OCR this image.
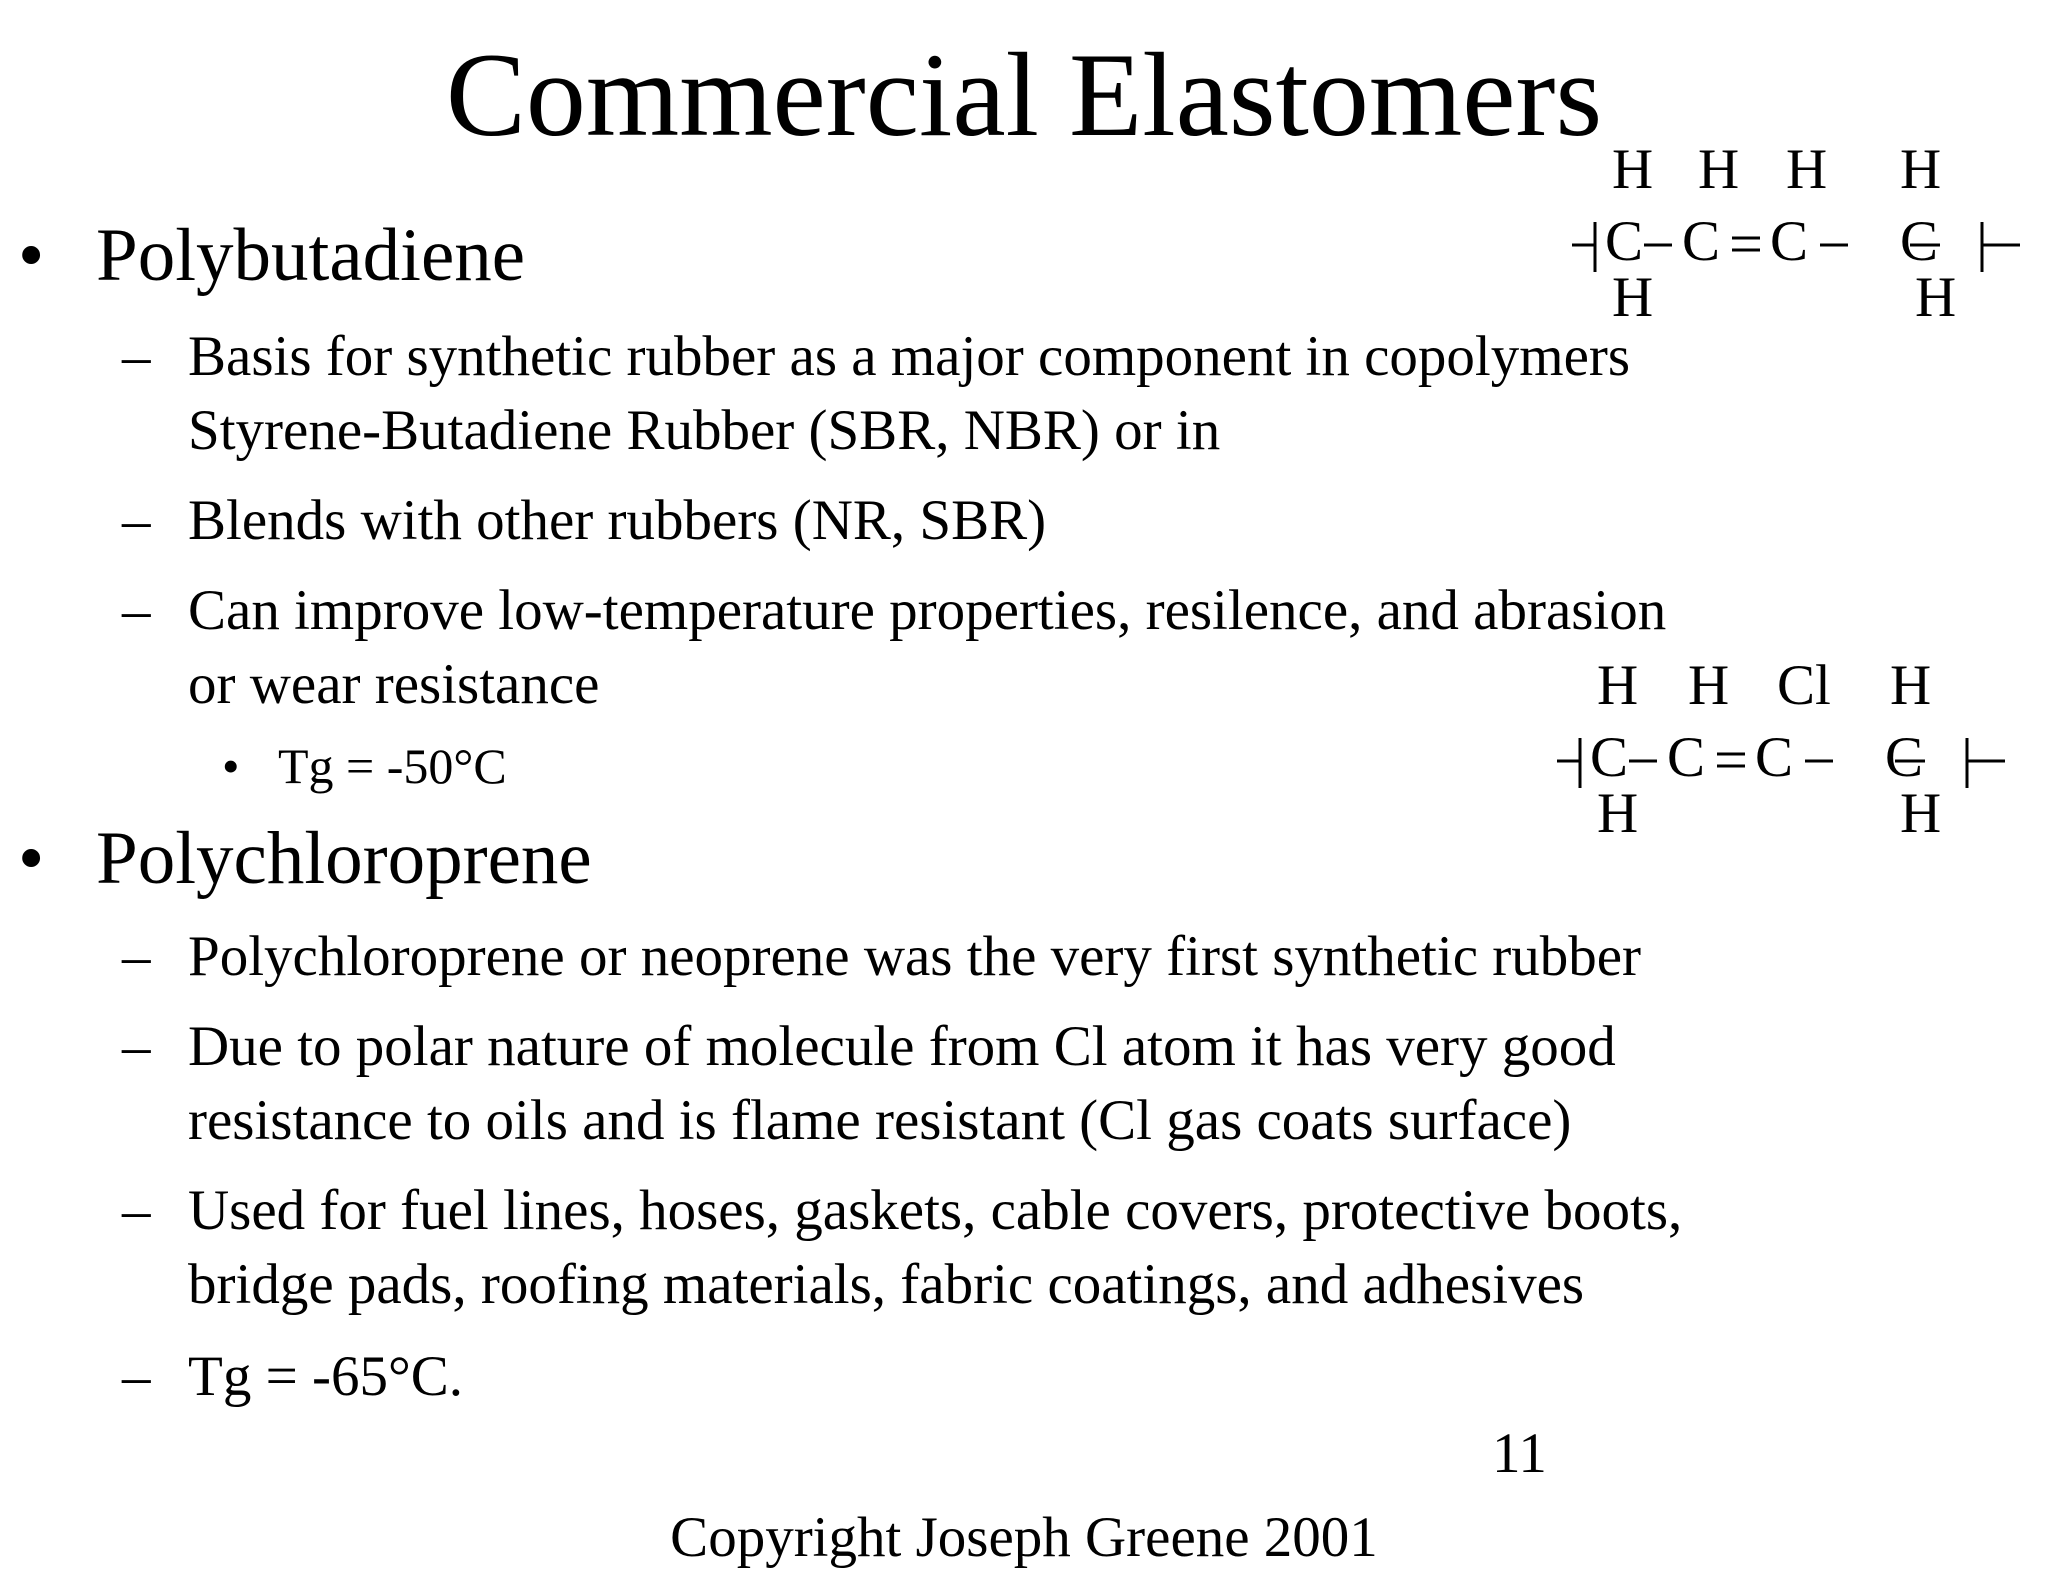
Commercial Elastomers
• Polybutadiene
– Basis for synthetic rubber as a major component in copolymers
Styrene-Butadiene Rubber (SBR, NBR) or in
– Blends with other rubbers (NR, SBR)
– Can improve low-temperature properties, resilence, and abrasion
or wear resistance
• Tg = -50°C
• Polychloroprene
– Polychloroprene or neoprene was the very first synthetic rubber
– Due to polar nature of molecule from Cl atom it has very good
resistance to oils and is flame resistant (Cl gas coats surface)
– Used for fuel lines, hoses, gaskets, cable covers, protective boots,
bridge pads, roofing materials, fabric coatings, and adhesives
– Tg = -65°C.
H H H H
C C C C
H	H
H H Cl H
C C C C
H	H
11
Copyright Joseph Greene 2001
